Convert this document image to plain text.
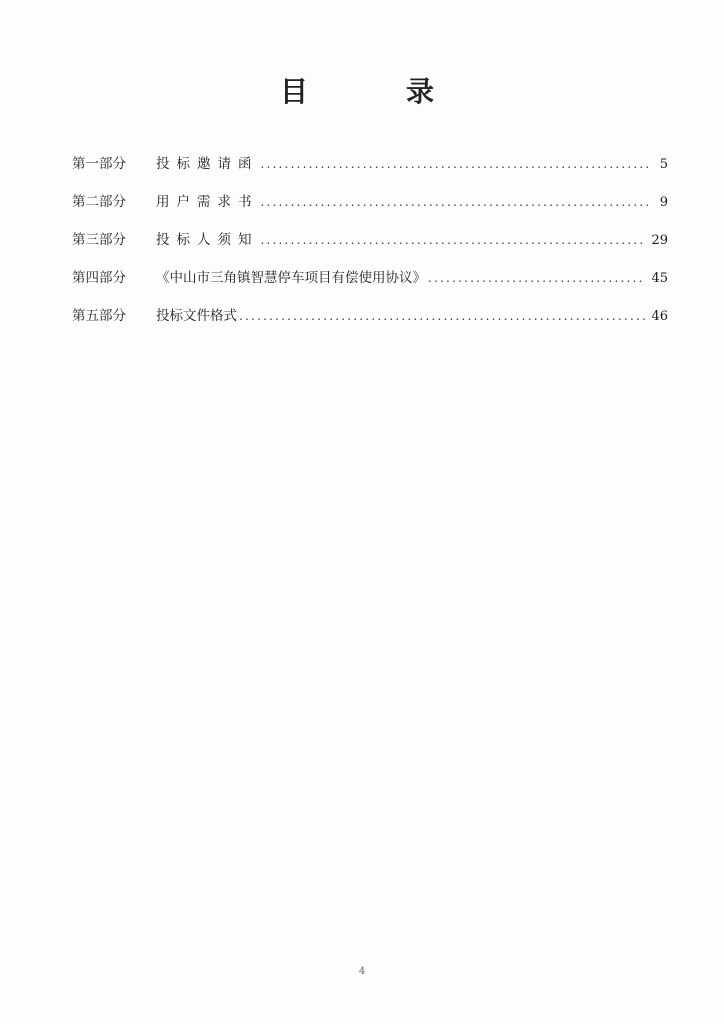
目	录
第一部分	投标邀请函 .....	5
第二部分	用户需求书 .....	9
第三部分	投标人须知 .....	29
第四部分	《中山市三角镇智慧停车项目有偿使用协议》 .....	45
第五部分	投标文件格式 .....	46
4
